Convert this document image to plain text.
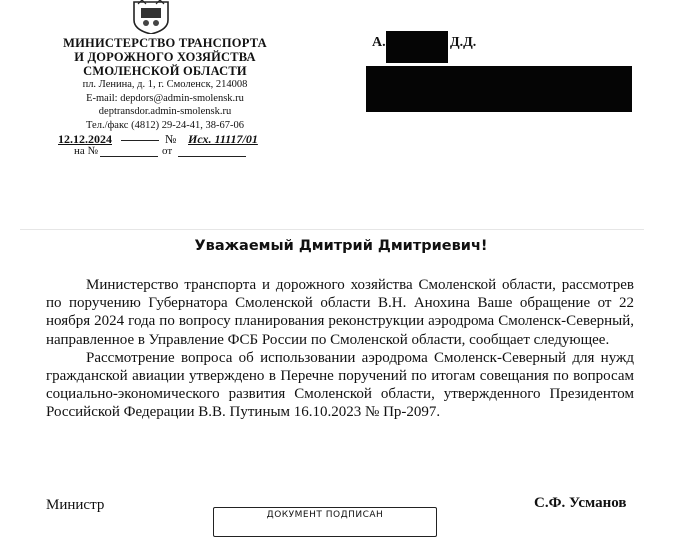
МИНИСТЕРСТВО ТРАНСПОРТА
И ДОРОЖНОГО ХОЗЯЙСТВА
СМОЛЕНСКОЙ ОБЛАСТИ
пл. Ленина, д. 1, г. Смоленск, 214008
E-mail: depdors@admin-smolensk.ru
deptransdor.admin-smolensk.ru
Тел./факс (4812) 29-24-41, 38-67-06
12.12.2024	№ Исх. 11117/01
на №	от
А.	Д.Д.
Уважаемый Дмитрий Дмитриевич!

Министерство транспорта и дорожного хозяйства Смоленской области, рассмотрев по поручению Губернатора Смоленской области В.Н. Анохина Ваше обращение от 22 ноября 2024 года по вопросу планирования реконструкции аэродрома Смоленск-Северный, направленное в Управление ФСБ России по Смоленской области, сообщает следующее.

Рассмотрение вопроса об использовании аэродрома Смоленск-Северный для нужд гражданской авиации утверждено в Перечне поручений по итогам совещания по вопросам социально-экономического развития Смоленской области, утвержденного Президентом Российской Федерации В.В. Путиным 16.10.2023 № Пр-2097.

Министр	С.Ф. Усманов
ДОКУМЕНТ ПОДПИСАН
